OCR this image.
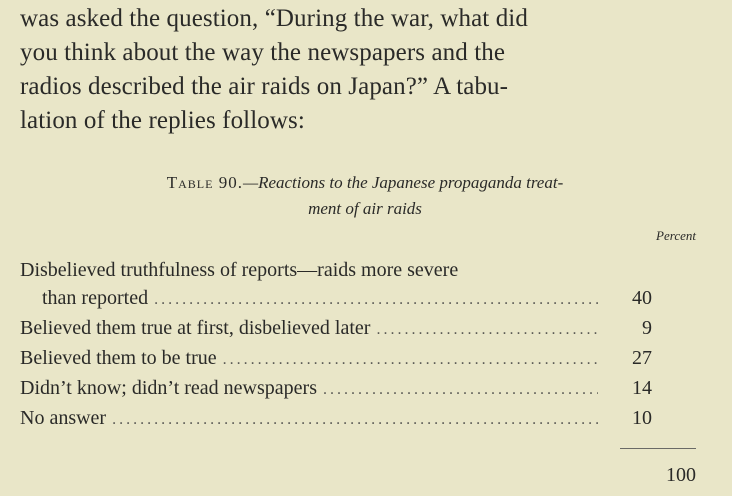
was asked the question, “During the war, what did
you think about the way the newspapers and the
radios described the air raids on Japan?” A tabu-
lation of the replies follows:
Table 90.—Reactions to the Japanese propaganda treat-
ment of air raids
Percent
Disbelieved truthfulness of reports—raids more severe
than reported .....	40
Believed them true at first, disbelieved later .....	9
Believed them to be true .....	27
Didn’t know; didn’t read newspapers .....	14
No answer .....	10
100
